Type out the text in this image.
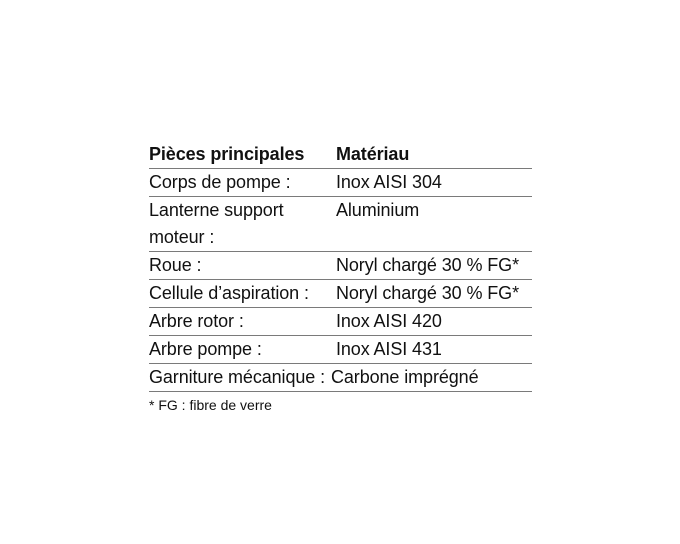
Pièces principales	Matériau
Corps de pompe :	Inox AISI 304
Lanterne support moteur :	Aluminium
Roue :	Noryl chargé 30 % FG*
Cellule d’aspiration :	Noryl chargé 30 % FG*
Arbre rotor :	Inox AISI 420
Arbre pompe :	Inox AISI 431
Garniture mécanique :	Carbone imprégné
* FG : fibre de verre
